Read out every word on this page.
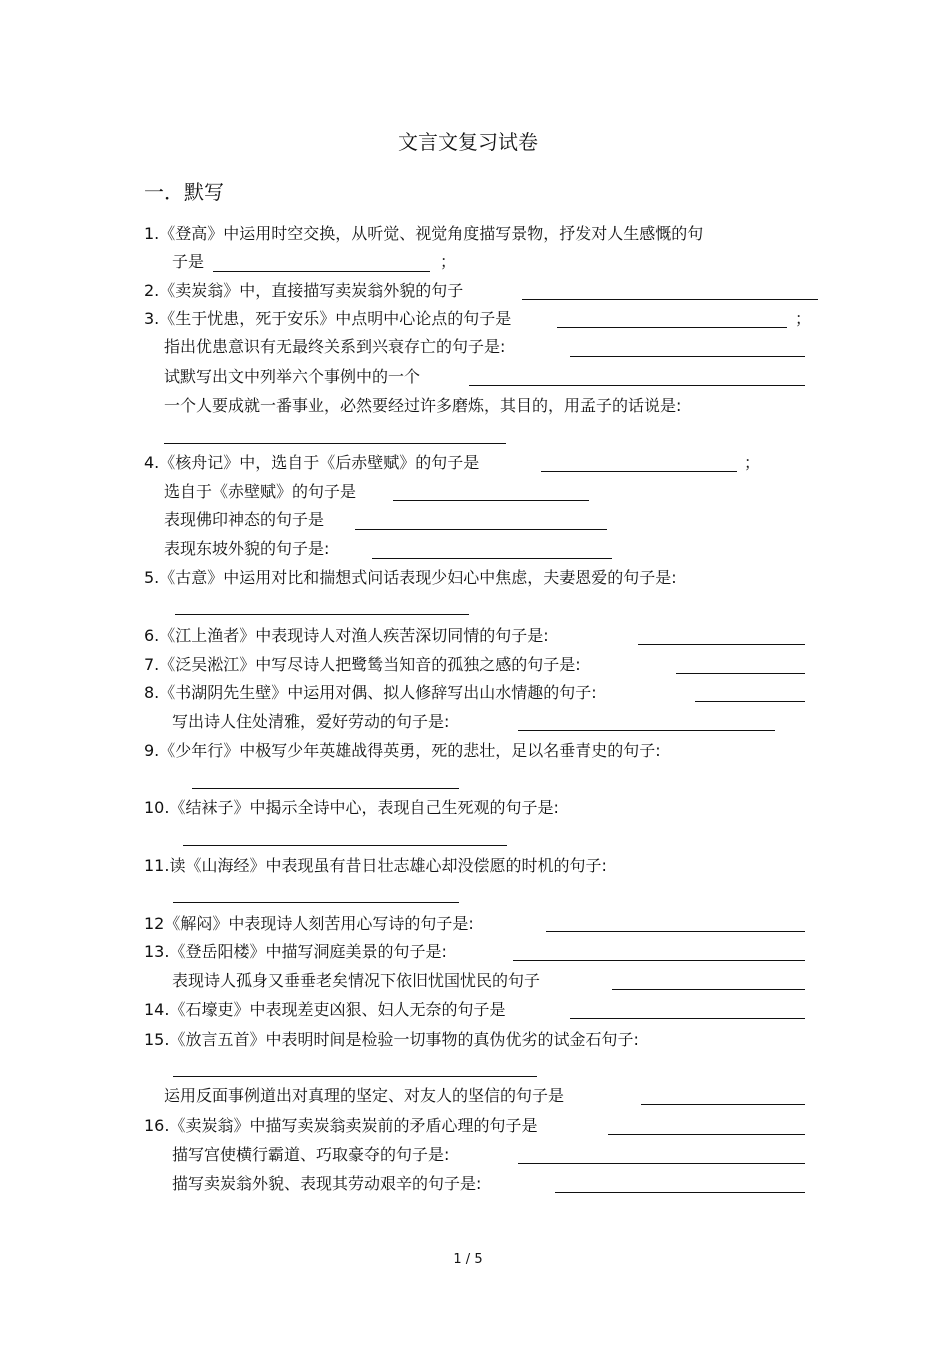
文言文复习试卷
一．默写
1.《登高》中运用时空交换，从听觉、视觉角度描写景物，抒发对人生感慨的句
子是	；
2.《卖炭翁》中，直接描写卖炭翁外貌的句子
3.《生于忧患，死于安乐》中点明中心论点的句子是	；
指出优患意识有无最终关系到兴衰存亡的句子是:
试默写出文中列举六个事例中的一个
一个人要成就一番事业，必然要经过许多磨炼，其目的，用孟子的话说是:
4.《核舟记》中，选自于《后赤壁赋》的句子是	；
选自于《赤壁赋》的句子是
表现佛印神态的句子是
表现东坡外貌的句子是:
5.《古意》中运用对比和揣想式问话表现少妇心中焦虑，夫妻恩爱的句子是:
6.《江上渔者》中表现诗人对渔人疾苦深切同情的句子是:
7.《泛吴淞江》中写尽诗人把鹭鸶当知音的孤独之感的句子是:
8.《书湖阴先生壁》中运用对偶、拟人修辞写出山水情趣的句子:
写出诗人住处清雅，爱好劳动的句子是:
9.《少年行》中极写少年英雄战得英勇，死的悲壮，足以名垂青史的句子:
10.《结袜子》中揭示全诗中心，表现自己生死观的句子是:
11.读《山海经》中表现虽有昔日壮志雄心却没偿愿的时机的句子:
12《解闷》中表现诗人刻苦用心写诗的句子是:
13.《登岳阳楼》中描写洞庭美景的句子是:
表现诗人孤身又垂垂老矣情况下依旧忧国忧民的句子
14.《石壕吏》中表现差吏凶狠、妇人无奈的句子是
15.《放言五首》中表明时间是检验一切事物的真伪优劣的试金石句子:
运用反面事例道出对真理的坚定、对友人的坚信的句子是
16.《卖炭翁》中描写卖炭翁卖炭前的矛盾心理的句子是
描写宫使横行霸道、巧取豪夺的句子是:
描写卖炭翁外貌、表现其劳动艰辛的句子是:
1 / 5
